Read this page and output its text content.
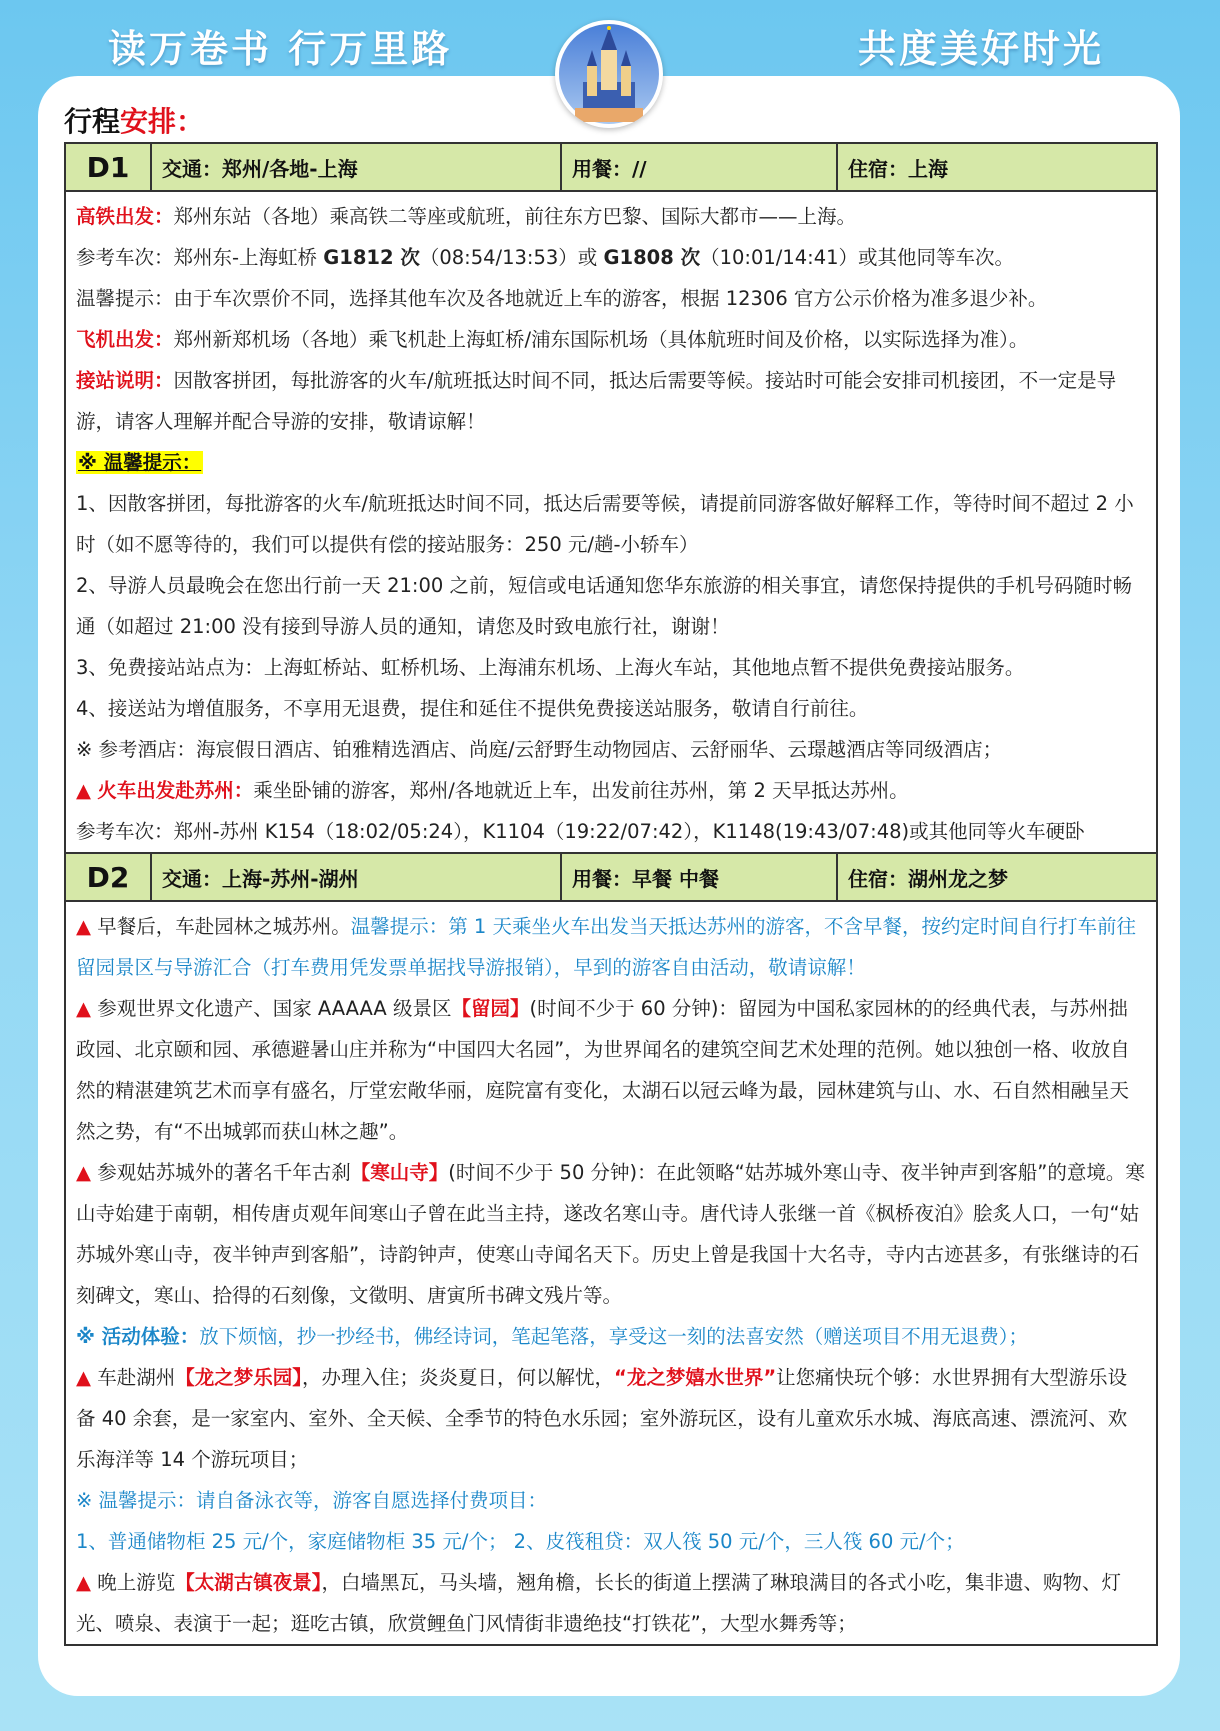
读万卷书 行万里路	共度美好时光
行程安排：
D1	交通：郑州/各地-上海	用餐：//	住宿：上海

高铁出发：郑州东站（各地）乘高铁二等座或航班，前往东方巴黎、国际大都市——上海。

参考车次：郑州东-上海虹桥 G1812 次（08:54/13:53）或 G1808 次（10:01/14:41）或其他同等车次。

温馨提示：由于车次票价不同，选择其他车次及各地就近上车的游客，根据 12306 官方公示价格为准多退少补。

飞机出发：郑州新郑机场（各地）乘飞机赴上海虹桥/浦东国际机场（具体航班时间及价格，以实际选择为准）。

接站说明：因散客拼团，每批游客的火车/航班抵达时间不同，抵达后需要等候。接站时可能会安排司机接团，不一定是导游，请客人理解并配合导游的安排，敬请谅解！

※ 温馨提示：

1、因散客拼团，每批游客的火车/航班抵达时间不同，抵达后需要等候，请提前同游客做好解释工作，等待时间不超过 2 小时（如不愿等待的，我们可以提供有偿的接站服务：250 元/趟-小轿车）

2、导游人员最晚会在您出行前一天 21:00 之前，短信或电话通知您华东旅游的相关事宜，请您保持提供的手机号码随时畅通（如超过 21:00 没有接到导游人员的通知，请您及时致电旅行社，谢谢！

3、免费接站站点为：上海虹桥站、虹桥机场、上海浦东机场、上海火车站，其他地点暂不提供免费接站服务。

4、接送站为增值服务，不享用无退费，提住和延住不提供免费接送站服务，敬请自行前往。

※ 参考酒店：海宸假日酒店、铂雅精选酒店、尚庭/云舒野生动物园店、云舒丽华、云璟越酒店等同级酒店；

▲ 火车出发赴苏州：乘坐卧铺的游客，郑州/各地就近上车，出发前往苏州，第 2 天早抵达苏州。

参考车次：郑州-苏州 K154（18:02/05:24），K1104（19:22/07:42），K1148(19:43/07:48)或其他同等火车硬卧

D2	交通：上海-苏州-湖州	用餐：早餐 中餐	住宿：湖州龙之梦

▲ 早餐后，车赴园林之城苏州。温馨提示：第 1 天乘坐火车出发当天抵达苏州的游客，不含早餐，按约定时间自行打车前往留园景区与导游汇合（打车费用凭发票单据找导游报销），早到的游客自由活动，敬请谅解！

▲ 参观世界文化遗产、国家 AAAAA 级景区【留园】(时间不少于 60 分钟)：留园为中国私家园林的的经典代表，与苏州拙政园、北京颐和园、承德避暑山庄并称为“中国四大名园”，为世界闻名的建筑空间艺术处理的范例。她以独创一格、收放自然的精湛建筑艺术而享有盛名，厅堂宏敞华丽，庭院富有变化，太湖石以冠云峰为最，园林建筑与山、水、石自然相融呈天然之势，有“不出城郭而获山林之趣”。

▲ 参观姑苏城外的著名千年古刹【寒山寺】(时间不少于 50 分钟)：在此领略“姑苏城外寒山寺、夜半钟声到客船”的意境。寒山寺始建于南朝，相传唐贞观年间寒山子曾在此当主持，遂改名寒山寺。唐代诗人张继一首《枫桥夜泊》脍炙人口，一句“姑苏城外寒山寺，夜半钟声到客船”，诗韵钟声，使寒山寺闻名天下。历史上曾是我国十大名寺，寺内古迹甚多，有张继诗的石刻碑文，寒山、拾得的石刻像，文徵明、唐寅所书碑文残片等。

※ 活动体验：放下烦恼，抄一抄经书，佛经诗词，笔起笔落，享受这一刻的法喜安然（赠送项目不用无退费）；

▲ 车赴湖州【龙之梦乐园】，办理入住；炎炎夏日，何以解忧，“龙之梦嬉水世界”让您痛快玩个够：水世界拥有大型游乐设备 40 余套，是一家室内、室外、全天候、全季节的特色水乐园；室外游玩区，设有儿童欢乐水城、海底高速、漂流河、欢乐海洋等 14 个游玩项目；

※ 温馨提示：请自备泳衣等，游客自愿选择付费项目：

1、普通储物柜 25 元/个，家庭储物柜 35 元/个； 2、皮筏租贷：双人筏 50 元/个，三人筏 60 元/个；

▲ 晚上游览【太湖古镇夜景】，白墙黑瓦，马头墙，翘角檐，长长的街道上摆满了琳琅满目的各式小吃，集非遗、购物、灯光、喷泉、表演于一起；逛吃古镇，欣赏鲤鱼门风情街非遗绝技“打铁花”，大型水舞秀等；
